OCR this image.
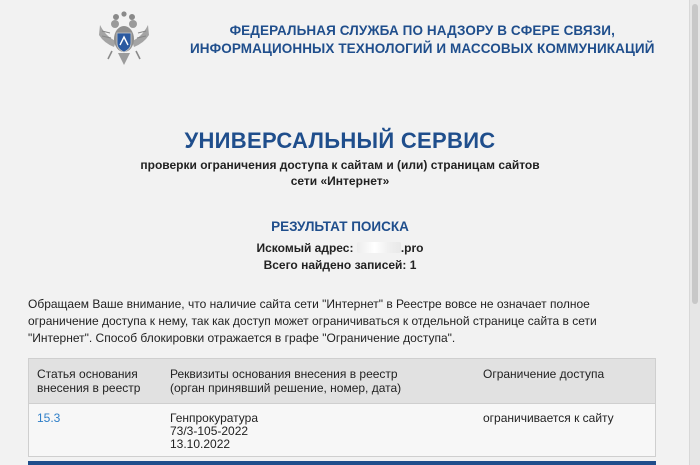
ФЕДЕРАЛЬНАЯ СЛУЖБА ПО НАДЗОРУ В СФЕРЕ СВЯЗИ,
ИНФОРМАЦИОННЫХ ТЕХНОЛОГИЙ И МАССОВЫХ КОММУНИКАЦИЙ
УНИВЕРСАЛЬНЫЙ СЕРВИС
проверки ограничения доступа к сайтам и (или) страницам сайтов
сети «Интернет»
РЕЗУЛЬТАТ ПОИСКА
Искомый адрес:	.pro
Всего найдено записей: 1
Обращаем Ваше внимание, что наличие сайта сети "Интернет" в Реестре вовсе не означает полное ограничение доступа к нему, так как доступ может ограничиваться к отдельной странице сайта в сети "Интернет". Способ блокировки отражается в графе "Ограничение доступа".
Статья основания
внесения в реестр
Реквизиты основания внесения в реестр
(орган принявший решение, номер, дата)
Ограничение доступа
15.3	Генпрокуратура
73/3-105-2022
13.10.2022
ограничивается к сайту
